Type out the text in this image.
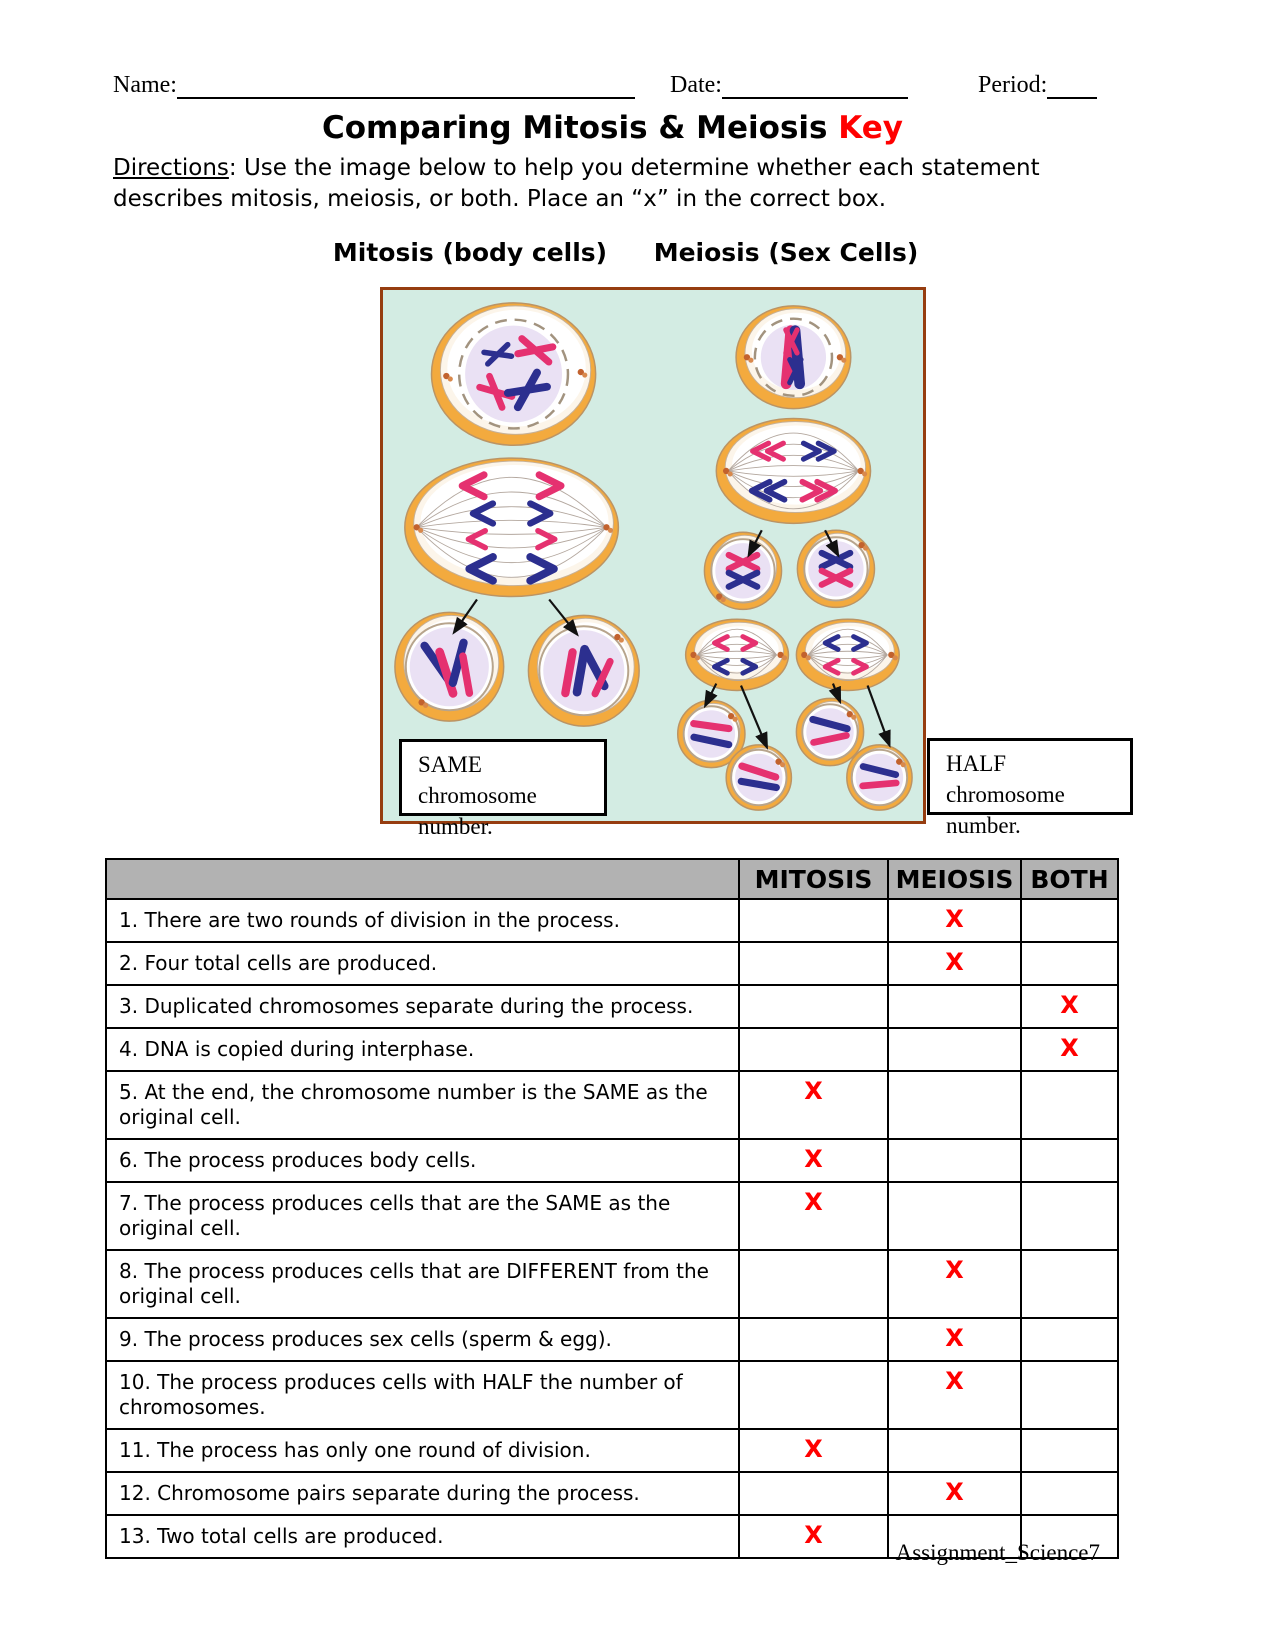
Name:	Date:	Period:
Comparing Mitosis & Meiosis Key
Directions: Use the image below to help you determine whether each statement
describes mitosis, meiosis, or both. Place an “x” in the correct box.
Mitosis (body cells)	Meiosis (Sex Cells)
SAME chromosome number.
HALF chromosome number.
	MITOSIS	MEIOSIS	BOTH
1. There are two rounds of division in the process.		X	
2. Four total cells are produced.		X	
3. Duplicated chromosomes separate during the process.			X
4. DNA is copied during interphase.			X
5. At the end, the chromosome number is the SAME as the original cell.	X		
6. The process produces body cells.	X		
7. The process produces cells that are the SAME as the original cell.	X		
8. The process produces cells that are DIFFERENT from the original cell.		X	
9. The process produces sex cells (sperm & egg).		X	
10. The process produces cells with HALF the number of chromosomes.		X	
11. The process has only one round of division.	X		
12. Chromosome pairs separate during the process.		X	
13. Two total cells are produced.	X		
Assignment_Science7
